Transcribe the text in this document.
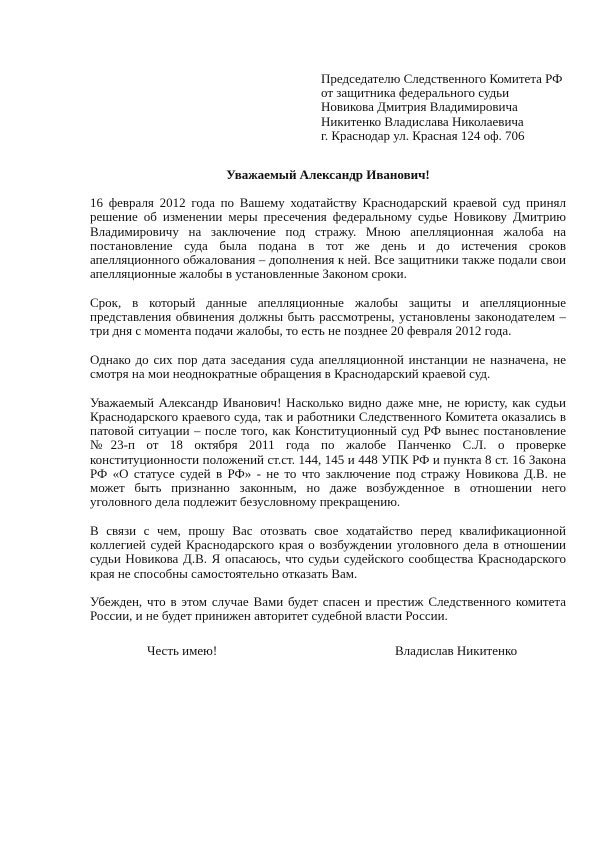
Председателю Следственного Комитета РФ
от защитника федерального судьи
Новикова Дмитрия Владимировича
Никитенко Владислава Николаевича
г. Краснодар ул. Красная 124 оф. 706
Уважаемый Александр Иванович!

16 февраля 2012 года по Вашему ходатайству Краснодарский краевой суд принял решение об изменении меры пресечения федеральному судье Новикову Дмитрию Владимировичу на заключение под стражу. Мною апелляционная жалоба на постановление суда была подана в тот же день и до истечения сроков апелляционного обжалования – дополнения к ней. Все защитники также подали свои апелляционные жалобы в установленные Законом сроки.

Срок, в который данные апелляционные жалобы защиты и апелляционные представления обвинения должны быть рассмотрены, установлены законодателем – три дня с момента подачи жалобы, то есть не позднее 20 февраля 2012 года.

Однако до сих пор дата заседания суда апелляционной инстанции не назначена, не смотря на мои неоднократные обращения в Краснодарский краевой суд.

Уважаемый Александр Иванович! Насколько видно даже мне, не юристу, как судьи Краснодарского краевого суда, так и работники Следственного Комитета оказались в патовой ситуации – после того, как Конституционный суд РФ вынес постановление №23-п от 18 октября 2011 года по жалобе Панченко С.Л. о проверке конституционности положений ст.ст. 144, 145 и 448 УПК РФ и пункта 8 ст. 16 Закона РФ «О статусе судей в РФ» - не то что заключение под стражу Новикова Д.В. не может быть признанно законным, но даже возбужденное в отношении него уголовного дела подлежит безусловному прекращению.

В связи с чем, прошу Вас отозвать свое ходатайство перед квалификационной коллегией судей Краснодарского края о возбуждении уголовного дела в отношении судьи Новикова Д.В. Я опасаюсь, что судьи судейского сообщества Краснодарского края не способны самостоятельно отказать Вам.

Убежден, что в этом случае Вами будет спасен и престиж Следственного комитета России, и не будет принижен авторитет судебной власти России.

Честь имею!	Владислав Никитенко
